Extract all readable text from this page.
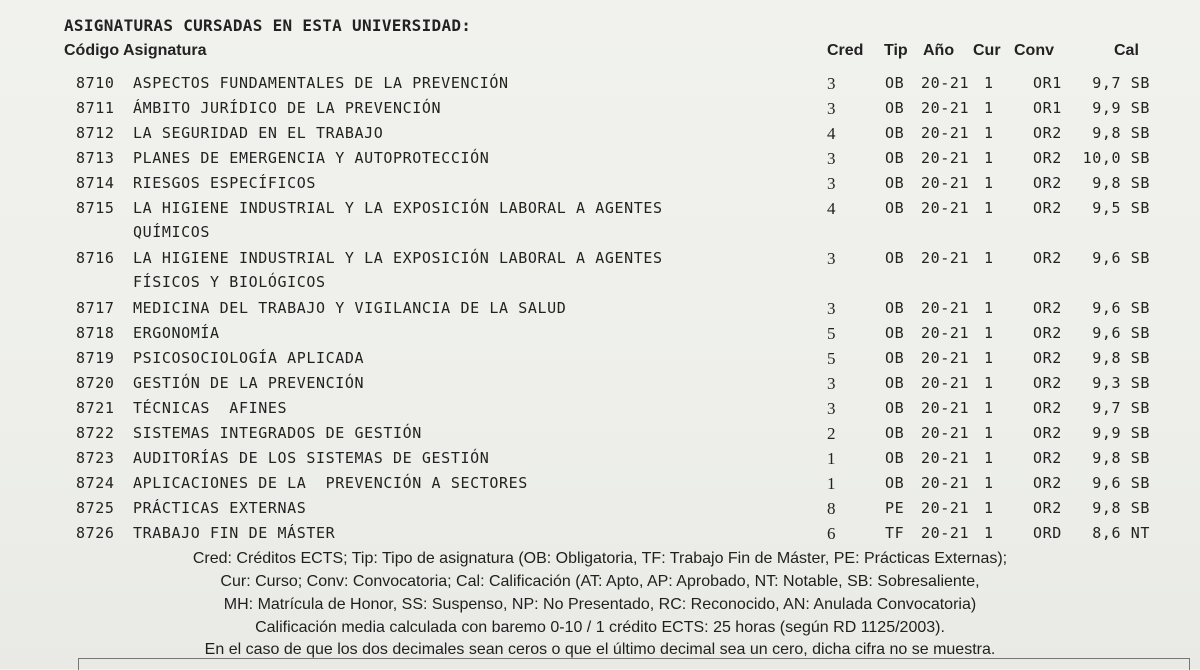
ASIGNATURAS CURSADAS EN ESTA UNIVERSIDAD:
Código Asignatura	Cred Tip Año Cur Conv	Cal
8710 ASPECTOS FUNDAMENTALES DE LA PREVENCIÓN	3	OB 20-21 1	OR1	9,7 SB
8711 ÁMBITO JURÍDICO DE LA PREVENCIÓN	3	OB 20-21 1	OR1	9,9 SB
8712 LA SEGURIDAD EN EL TRABAJO	4	OB 20-21 1	OR2	9,8 SB
8713 PLANES DE EMERGENCIA Y AUTOPROTECCIÓN	3	OB 20-21 1	OR2	10,0 SB
8714 RIESGOS ESPECÍFICOS	3	OB 20-21 1	OR2	9,8 SB
8715 LA HIGIENE INDUSTRIAL Y LA EXPOSICIÓN LABORAL A AGENTES	4	OB 20-21 1	OR2	9,5 SB
QUÍMICOS
8716 LA HIGIENE INDUSTRIAL Y LA EXPOSICIÓN LABORAL A AGENTES	3	OB 20-21 1	OR2	9,6 SB
FÍSICOS Y BIOLÓGICOS
8717 MEDICINA DEL TRABAJO Y VIGILANCIA DE LA SALUD	3	OB 20-21 1	OR2	9,6 SB
8718 ERGONOMÍA	5	OB 20-21 1	OR2	9,6 SB
8719 PSICOSOCIOLOGÍA APLICADA	5	OB 20-21 1	OR2	9,8 SB
8720 GESTIÓN DE LA PREVENCIÓN	3	OB 20-21 1	OR2	9,3 SB
8721 TÉCNICAS  AFINES	3	OB 20-21 1	OR2	9,7 SB
8722 SISTEMAS INTEGRADOS DE GESTIÓN	2	OB 20-21 1	OR2	9,9 SB
8723 AUDITORÍAS DE LOS SISTEMAS DE GESTIÓN	1	OB 20-21 1	OR2	9,8 SB
8724 APLICACIONES DE LA  PREVENCIÓN A SECTORES	1	OB 20-21 1	OR2	9,6 SB
8725 PRÁCTICAS EXTERNAS	8	PE 20-21 1	OR2	9,8 SB
8726 TRABAJO FIN DE MÁSTER	6	TF 20-21 1	ORD	8,6 NT
Cred: Créditos ECTS; Tip: Tipo de asignatura (OB: Obligatoria, TF: Trabajo Fin de Máster, PE: Prácticas Externas);
Cur: Curso; Conv: Convocatoria; Cal: Calificación (AT: Apto, AP: Aprobado, NT: Notable, SB: Sobresaliente,
MH: Matrícula de Honor, SS: Suspenso, NP: No Presentado, RC: Reconocido, AN: Anulada Convocatoria)
Calificación media calculada con baremo 0-10 / 1 crédito ECTS: 25 horas (según RD 1125/2003).
En el caso de que los dos decimales sean ceros o que el último decimal sea un cero, dicha cifra no se muestra.
